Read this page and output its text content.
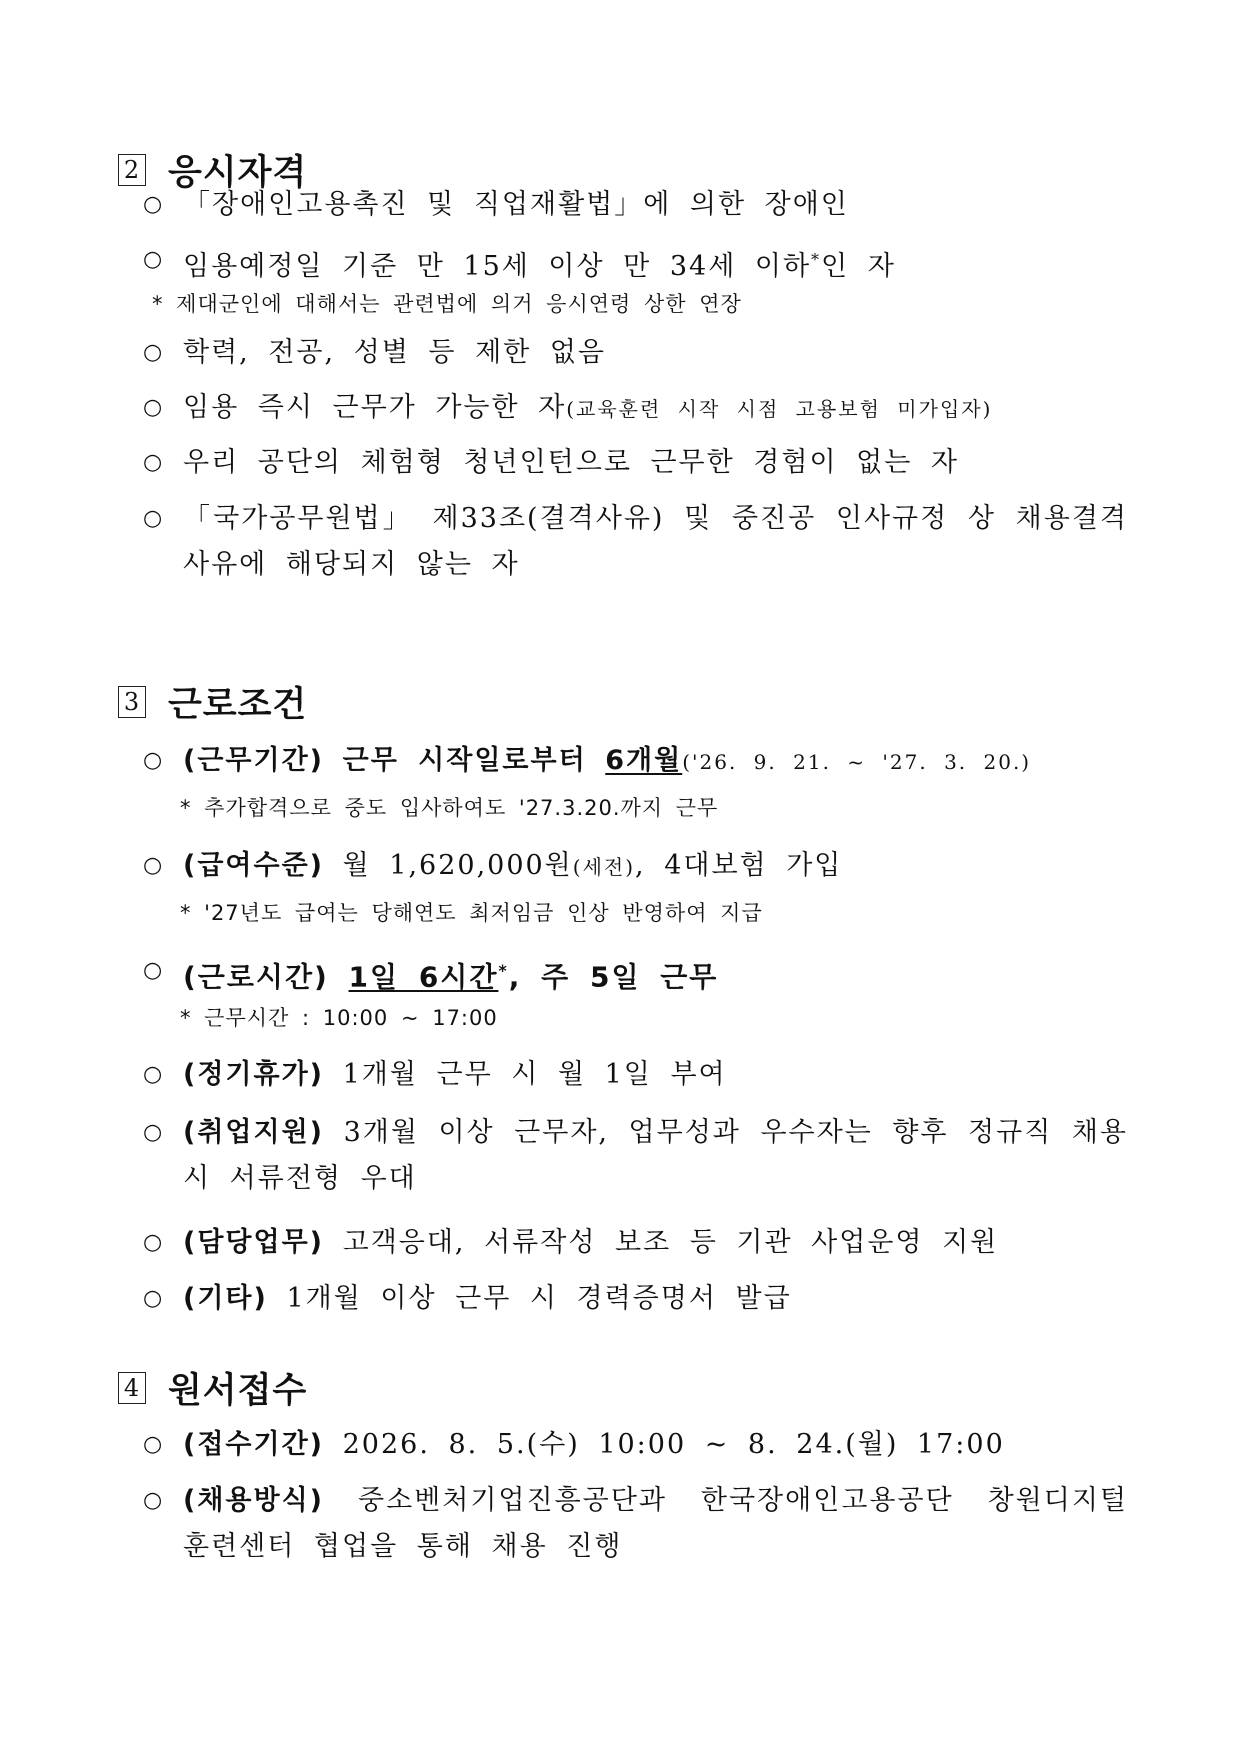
2 응시자격
○ 「장애인고용촉진 및 직업재활법」에 의한 장애인
○ 임용예정일 기준 만 15세 이상 만 34세 이하*인 자
* 제대군인에 대해서는 관련법에 의거 응시연령 상한 연장
○ 학력, 전공, 성별 등 제한 없음
○ 임용 즉시 근무가 가능한 자(교육훈련 시작 시점 고용보험 미가입자)
○ 우리 공단의 체험형 청년인턴으로 근무한 경험이 없는 자
○ 「국가공무원법」 제33조(결격사유) 및 중진공 인사규정 상 채용결격 사유에 해당되지 않는 자
3 근로조건
○ (근무기간) 근무 시작일로부터 6개월('26. 9. 21. ~ '27. 3. 20.)
* 추가합격으로 중도 입사하여도 '27.3.20.까지 근무
○ (급여수준) 월 1,620,000원(세전), 4대보험 가입
* '27년도 급여는 당해연도 최저임금 인상 반영하여 지급
○ (근로시간) 1일 6시간*, 주 5일 근무
* 근무시간 : 10:00 ~ 17:00
○ (정기휴가) 1개월 근무 시 월 1일 부여
○ (취업지원) 3개월 이상 근무자, 업무성과 우수자는 향후 정규직 채용 시 서류전형 우대
○ (담당업무) 고객응대, 서류작성 보조 등 기관 사업운영 지원
○ (기타) 1개월 이상 근무 시 경력증명서 발급
4 원서접수
○ (접수기간) 2026. 8. 5.(수) 10:00 ~ 8. 24.(월) 17:00
○ (채용방식) 중소벤처기업진흥공단과 한국장애인고용공단 창원디지털 훈련센터 협업을 통해 채용 진행
